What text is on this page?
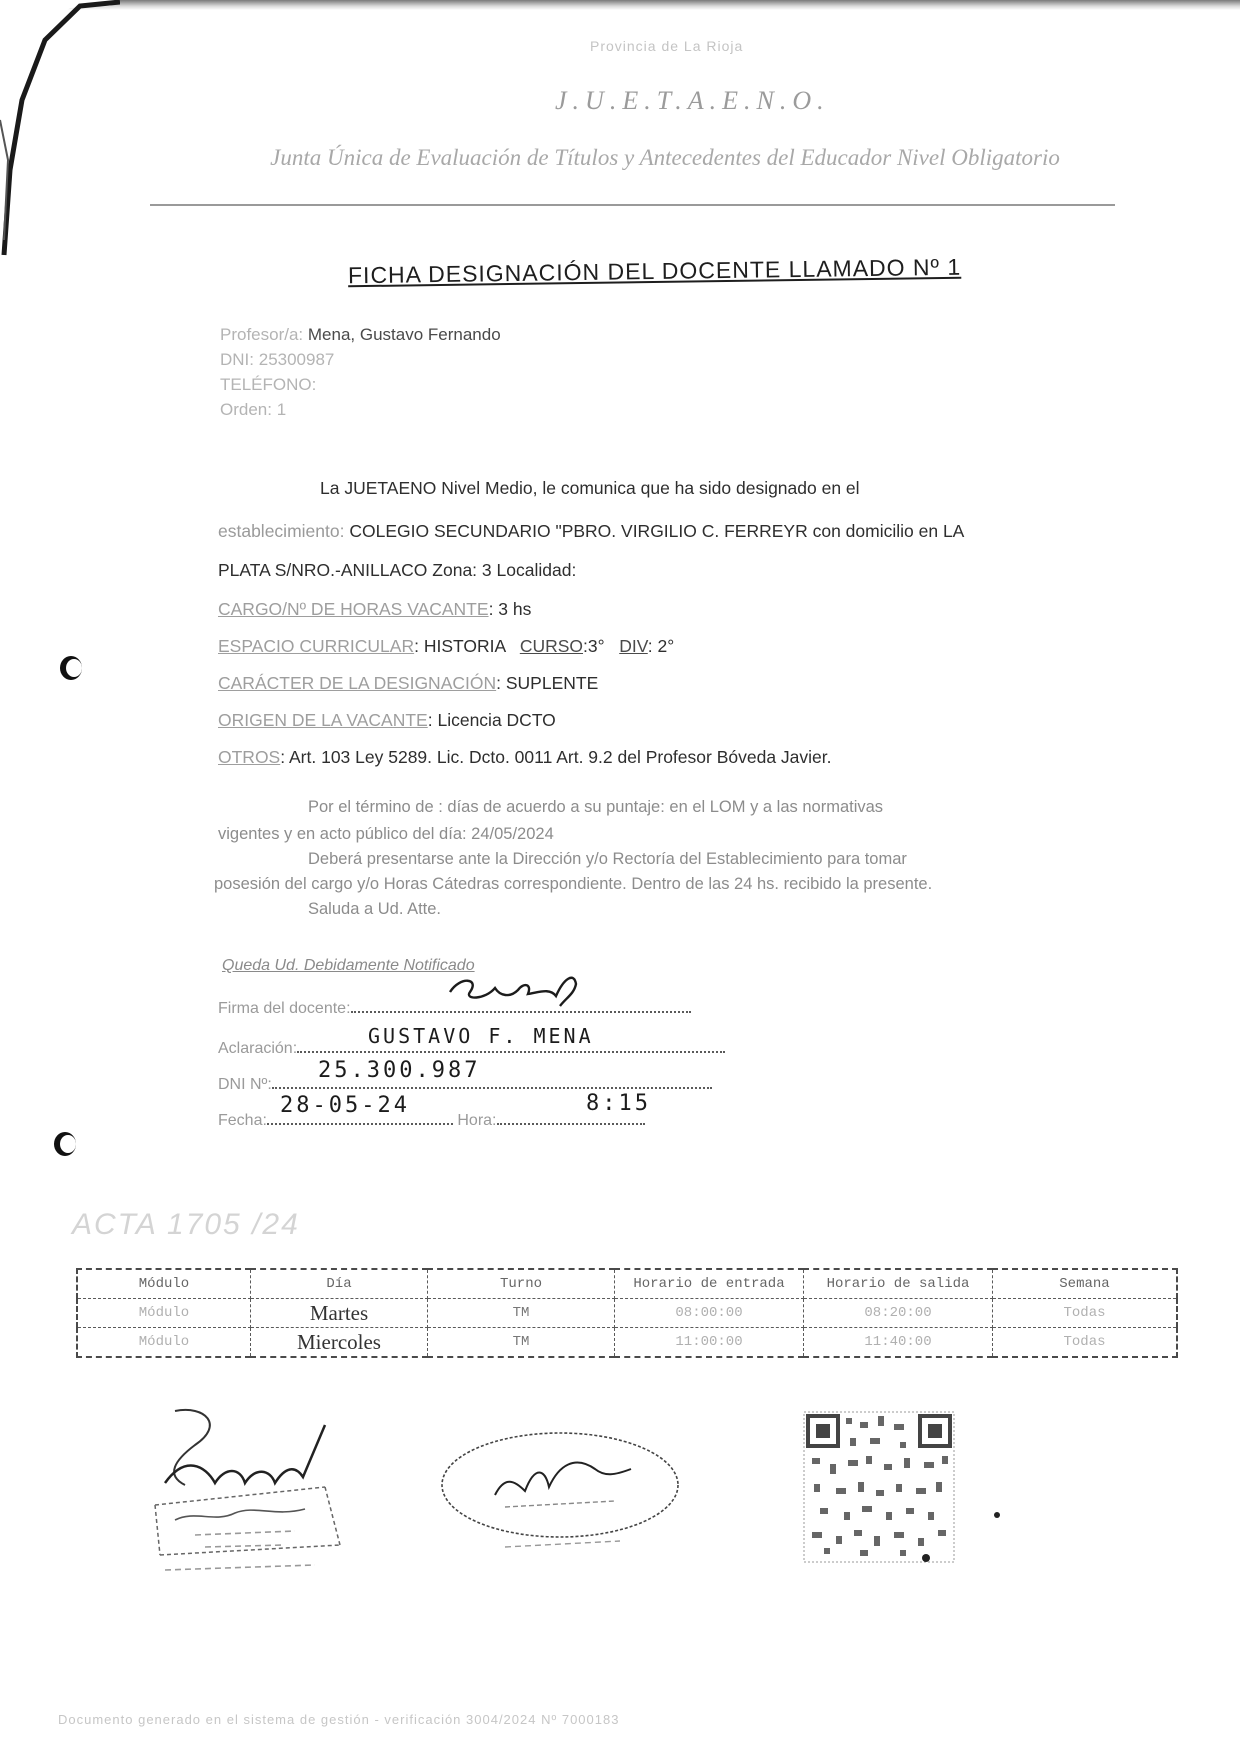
Provincia de La Rioja
J.U.E.T.A.E.N.O.
Junta Única de Evaluación de Títulos y Antecedentes del Educador Nivel Obligatorio
FICHA DESIGNACIÓN DEL DOCENTE LLAMADO Nº 1
Profesor/a: Mena, Gustavo Fernando
DNI: 25300987
TELÉFONO:
Orden: 1
La JUETAENO Nivel Medio, le comunica que ha sido designado en el
establecimiento: COLEGIO SECUNDARIO "PBRO. VIRGILIO C. FERREYR con domicilio en LA
PLATA S/NRO.-ANILLACO Zona: 3 Localidad:
CARGO/Nº DE HORAS VACANTE: 3 hs
ESPACIO CURRICULAR: HISTORIA CURSO:3° DIV: 2°
CARÁCTER DE LA DESIGNACIÓN: SUPLENTE
ORIGEN DE LA VACANTE: Licencia DCTO
OTROS: Art. 103 Ley 5289. Lic. Dcto. 0011 Art. 9.2 del Profesor Bóveda Javier.
Por el término de : días de acuerdo a su puntaje: en el LOM y a las normativas
vigentes y en acto público del día: 24/05/2024
Deberá presentarse ante la Dirección y/o Rectoría del Establecimiento para tomar
posesión del cargo y/o Horas Cátedras correspondiente. Dentro de las 24 hs. recibido la presente.
Saluda a Ud. Atte.
Queda Ud. Debidamente Notificado
Firma del docente:
Aclaración:
GUSTAVO F. MENA
DNI Nº:
25.300.987
Fecha:	Hora:
28-05-24	8:15
ACTA 1705 /24
Módulo	Día	Turno	Horario de entrada	Horario de salida	Semana
Módulo	Martes	TM	08:00:00	08:20:00	Todas
Módulo	Miercoles	TM	11:00:00	11:40:00	Todas
Documento generado en el sistema de gestión - verificación 3004/2024 Nº 7000183
